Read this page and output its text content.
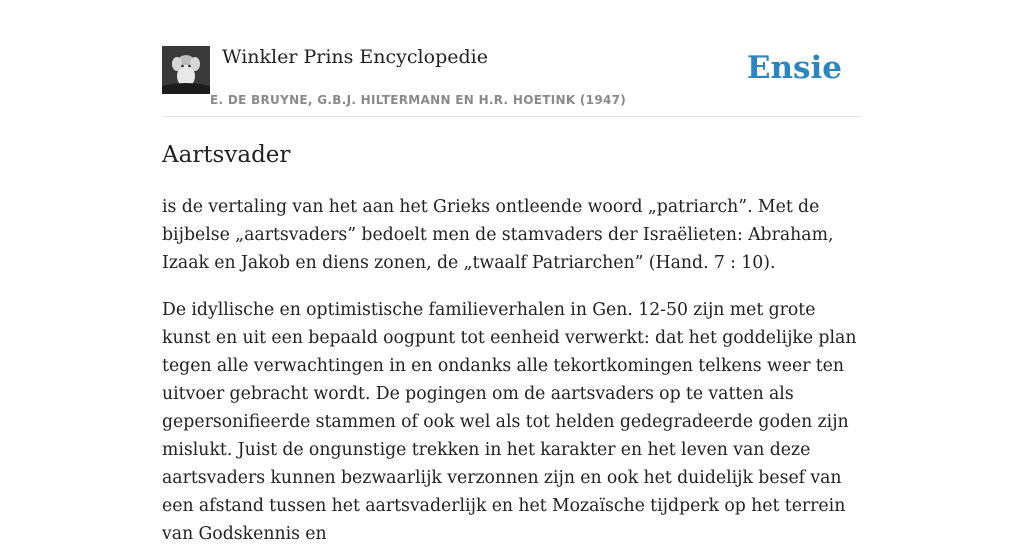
Winkler Prins Encyclopedie
E. DE BRUYNE, G.B.J. HILTERMANN EN H.R. HOETINK (1947)
Ensie
Aartsvader

is de vertaling van het aan het Grieks ontleende woord „patriarch”. Met de bijbelse „aartsvaders” bedoelt men de stamvaders der Israëlieten: Abraham, Izaak en Jakob en diens zonen, de „twaalf Patriarchen” (Hand. 7 : 10).

De idyllische en optimistische familieverhalen in Gen. 12-50 zijn met grote kunst en uit een bepaald oogpunt tot eenheid verwerkt: dat het goddelijke plan tegen alle verwachtingen in en ondanks alle tekortkomingen telkens weer ten uitvoer gebracht wordt. De pogingen om de aartsvaders op te vatten als gepersonifieerde stammen of ook wel als tot helden gedegradeerde goden zijn mislukt. Juist de ongunstige trekken in het karakter en het leven van deze aartsvaders kunnen bezwaarlijk verzonnen zijn en ook het duidelijk besef van een afstand tussen het aartsvaderlijk en het Mozaïsche tijdperk op het terrein van Godskennis en
